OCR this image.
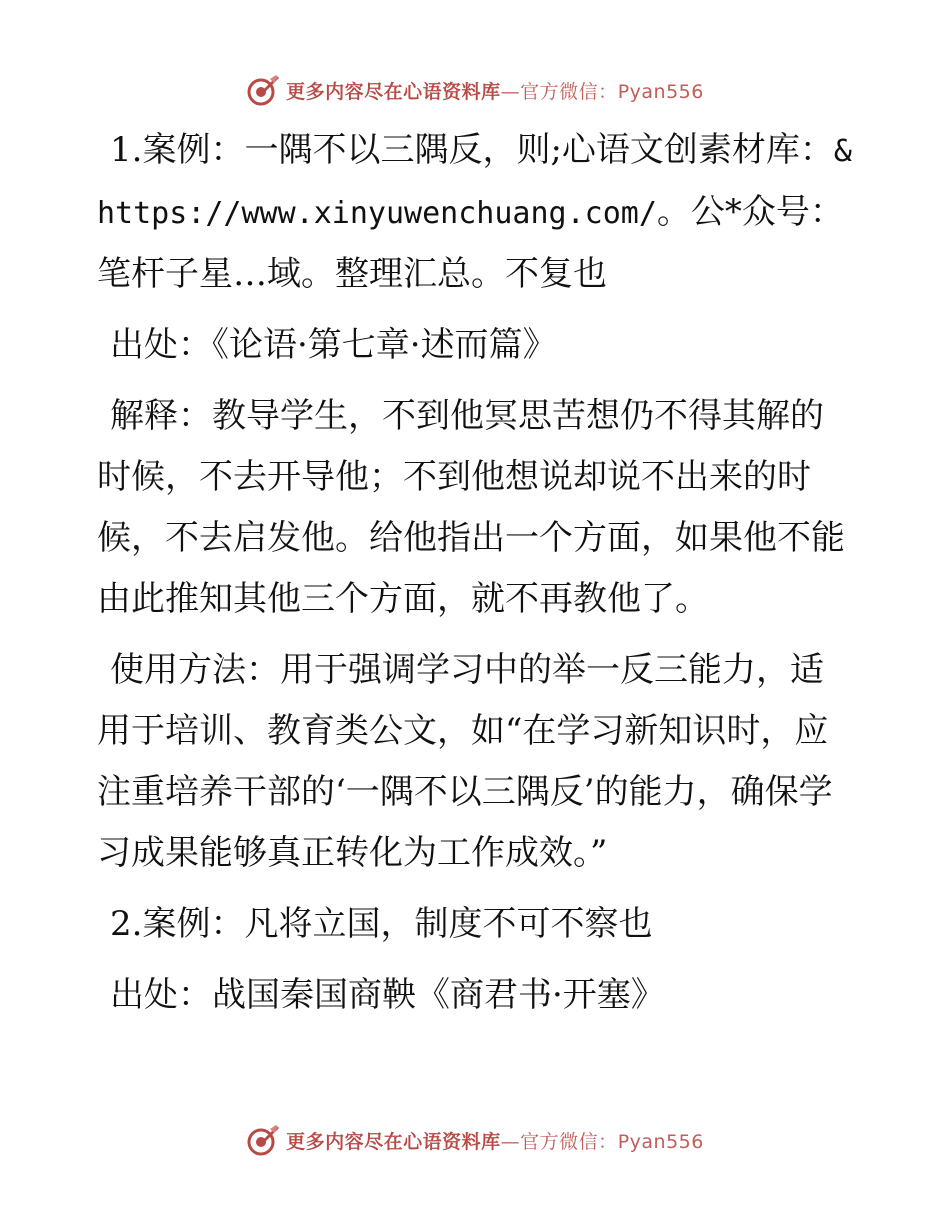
更多内容尽在心语资料库—官方微信：Pyan556

1.案例：一隅不以三隅反，则;心语文创素材库：&https://www.xinyuwenchuang.com/。公*众号：笔杆子星…域。整理汇总。不复也

出处：《论语·第七章·述而篇》

解释：教导学生，不到他冥思苦想仍不得其解的时候，不去开导他；不到他想说却说不出来的时候，不去启发他。给他指出一个方面，如果他不能由此推知其他三个方面，就不再教他了。

使用方法：用于强调学习中的举一反三能力，适用于培训、教育类公文，如“在学习新知识时，应注重培养干部的‘一隅不以三隅反’的能力，确保学习成果能够真正转化为工作成效。”

2.案例：凡将立国，制度不可不察也

出处：战国秦国商鞅《商君书·开塞》

更多内容尽在心语资料库—官方微信：Pyan556
